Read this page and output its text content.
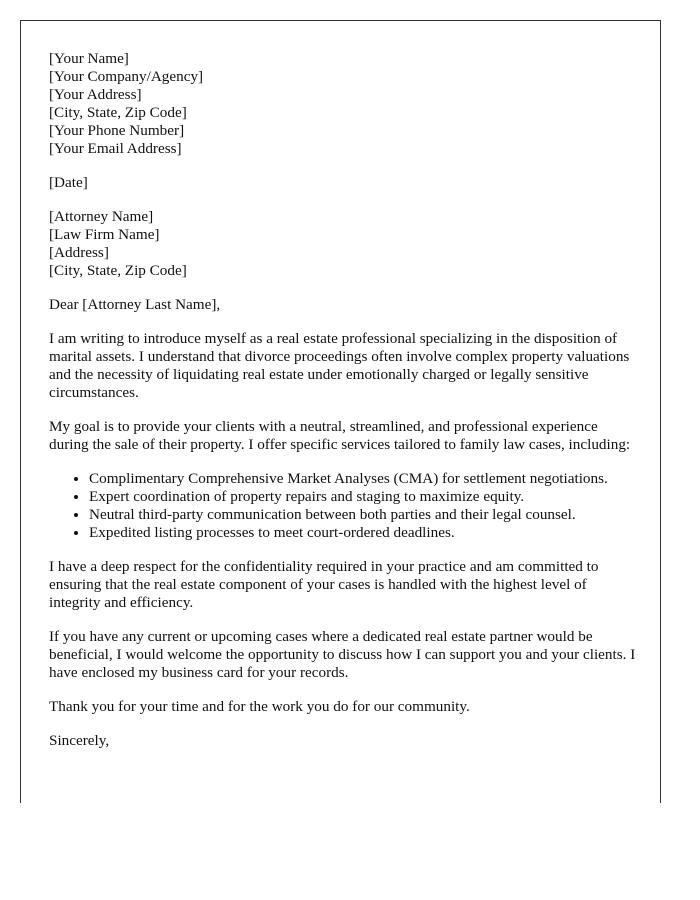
[Your Name]
[Your Company/Agency]
[Your Address]
[City, State, Zip Code]
[Your Phone Number]
[Your Email Address]
[Date]
[Attorney Name]
[Law Firm Name]
[Address]
[City, State, Zip Code]
Dear [Attorney Last Name],

I am writing to introduce myself as a real estate professional specializing in the disposition of marital assets. I understand that divorce proceedings often involve complex property valuations and the necessity of liquidating real estate under emotionally charged or legally sensitive circumstances.

My goal is to provide your clients with a neutral, streamlined, and professional experience during the sale of their property. I offer specific services tailored to family law cases, including:

• Complimentary Comprehensive Market Analyses (CMA) for settlement negotiations.
• Expert coordination of property repairs and staging to maximize equity.
• Neutral third-party communication between both parties and their legal counsel.
• Expedited listing processes to meet court-ordered deadlines.

I have a deep respect for the confidentiality required in your practice and am committed to ensuring that the real estate component of your cases is handled with the highest level of integrity and efficiency.

If you have any current or upcoming cases where a dedicated real estate partner would be beneficial, I would welcome the opportunity to discuss how I can support you and your clients. I have enclosed my business card for your records.

Thank you for your time and for the work you do for our community.

Sincerely,
